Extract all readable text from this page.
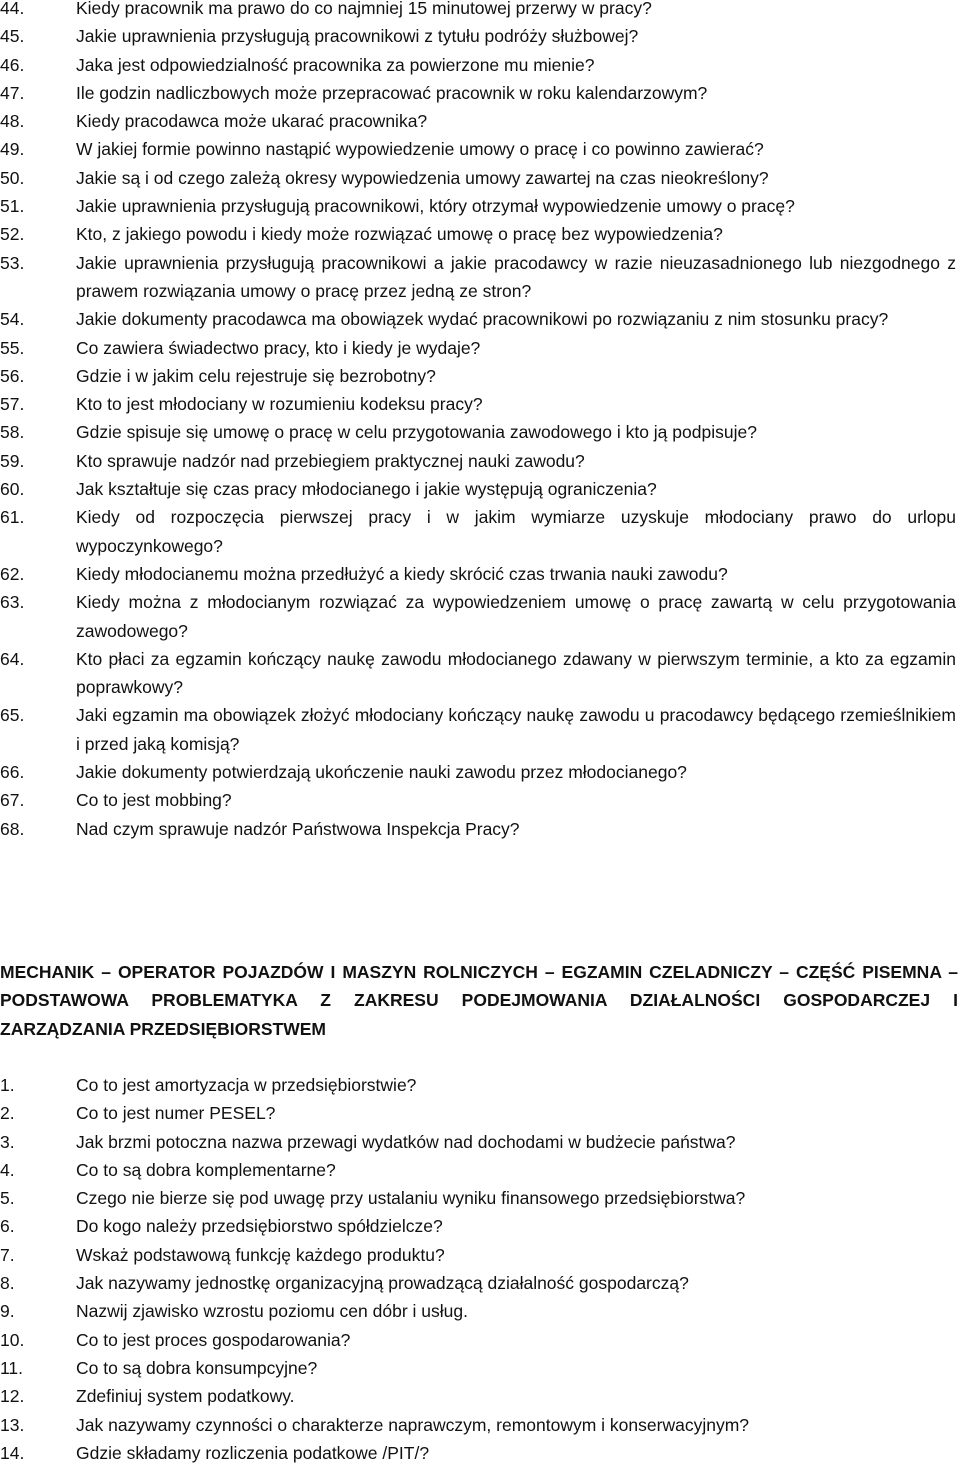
44.	Kiedy pracownik ma prawo do co najmniej 15 minutowej przerwy w pracy?
45.	Jakie uprawnienia przysługują pracownikowi z tytułu podróży służbowej?
46.	Jaka jest odpowiedzialność pracownika za powierzone mu mienie?
47.	Ile godzin nadliczbowych może przepracować pracownik w roku kalendarzowym?
48.	Kiedy pracodawca może ukarać pracownika?
49.	W jakiej formie powinno nastąpić wypowiedzenie umowy o pracę i co powinno zawierać?
50.	Jakie są i od czego zależą okresy wypowiedzenia umowy zawartej na czas nieokreślony?
51.	Jakie uprawnienia przysługują pracownikowi, który otrzymał wypowiedzenie umowy o pracę?
52.	Kto, z jakiego powodu i kiedy może rozwiązać umowę o pracę bez wypowiedzenia?
53.	Jakie uprawnienia przysługują pracownikowi a jakie pracodawcy w razie nieuzasadnionego lub niezgodnego z prawem rozwiązania umowy o pracę przez jedną ze stron?
54.	Jakie dokumenty pracodawca ma obowiązek wydać pracownikowi po rozwiązaniu z nim stosunku pracy?
55.	Co zawiera świadectwo pracy, kto i kiedy je wydaje?
56.	Gdzie i w jakim celu rejestruje się bezrobotny?
57.	Kto to jest młodociany w rozumieniu kodeksu pracy?
58.	Gdzie spisuje się umowę o pracę w celu przygotowania zawodowego i kto ją podpisuje?
59.	Kto sprawuje nadzór nad przebiegiem praktycznej nauki zawodu?
60.	Jak kształtuje się czas pracy młodocianego i jakie występują ograniczenia?
61.	Kiedy od rozpoczęcia pierwszej pracy i w jakim wymiarze uzyskuje młodociany prawo do urlopu wypoczynkowego?
62.	Kiedy młodocianemu można przedłużyć a kiedy skrócić czas trwania nauki zawodu?
63.	Kiedy można z młodocianym rozwiązać za wypowiedzeniem umowę o pracę zawartą w celu przygotowania zawodowego?
64.	Kto płaci za egzamin kończący naukę zawodu młodocianego zdawany w pierwszym terminie, a kto za egzamin poprawkowy?
65.	Jaki egzamin ma obowiązek złożyć młodociany kończący naukę zawodu u pracodawcy będącego rzemieślnikiem i przed jaką komisją?
66.	Jakie dokumenty potwierdzają ukończenie nauki zawodu przez młodocianego?
67.	Co to jest mobbing?
68.	Nad czym sprawuje nadzór Państwowa Inspekcja Pracy?
MECHANIK – OPERATOR POJAZDÓW I MASZYN ROLNICZYCH – EGZAMIN CZELADNICZY – CZĘŚĆ PISEMNA – PODSTAWOWA PROBLEMATYKA Z ZAKRESU PODEJMOWANIA DZIAŁALNOŚCI GOSPODARCZEJ I ZARZĄDZANIA PRZEDSIĘBIORSTWEM
1.	Co to jest amortyzacja w przedsiębiorstwie?
2.	Co to jest numer PESEL?
3.	Jak brzmi potoczna nazwa przewagi wydatków nad dochodami w budżecie państwa?
4.	Co to są dobra komplementarne?
5.	Czego nie bierze się pod uwagę przy ustalaniu wyniku finansowego przedsiębiorstwa?
6.	Do kogo należy przedsiębiorstwo spółdzielcze?
7.	Wskaż podstawową funkcję każdego produktu?
8.	Jak nazywamy jednostkę organizacyjną prowadzącą działalność gospodarczą?
9.	Nazwij zjawisko wzrostu poziomu cen dóbr i usług.
10.	Co to jest proces gospodarowania?
11.	Co to są dobra konsumpcyjne?
12.	Zdefiniuj system podatkowy.
13.	Jak nazywamy czynności o charakterze naprawczym, remontowym i konserwacyjnym?
14.	Gdzie składamy rozliczenia podatkowe /PIT/?
